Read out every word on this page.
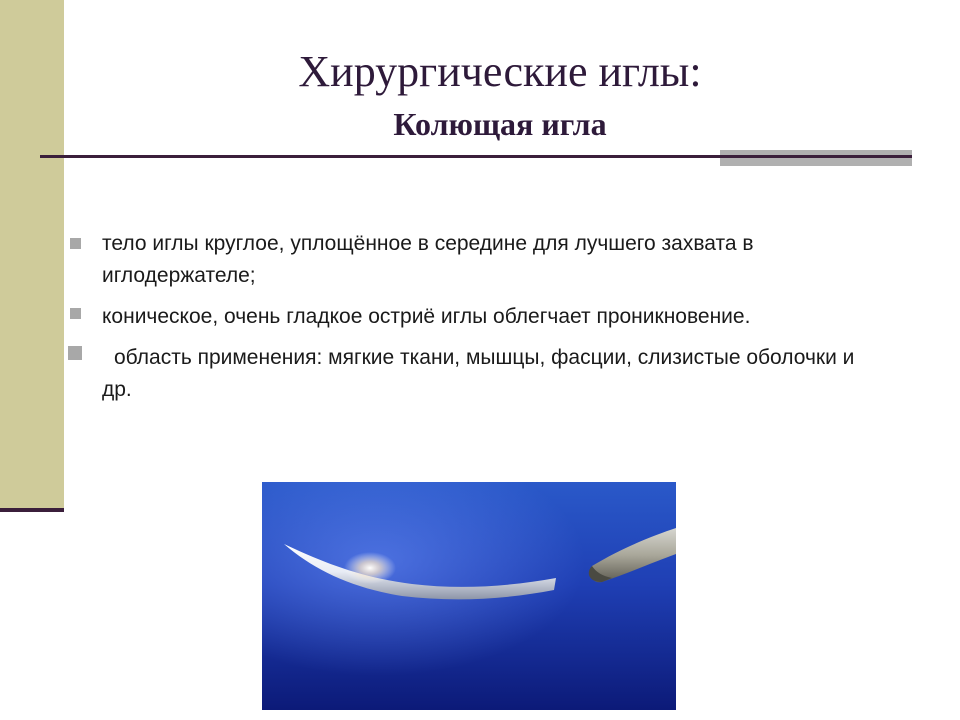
Хирургические иглы:
Колющая игла
тело иглы круглое, уплощённое в середине для лучшего захвата в иглодержателе;
коническое, очень гладкое остриё иглы облегчает проникновение.
область применения: мягкие ткани, мышцы, фасции, слизистые оболочки и др.
